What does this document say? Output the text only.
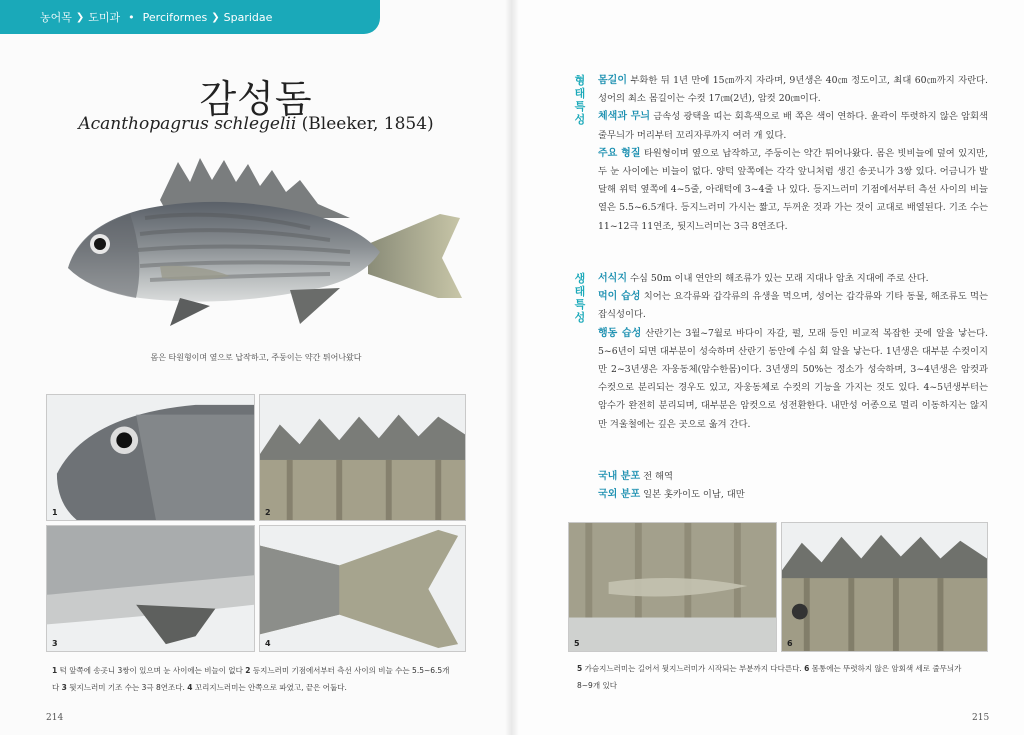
농어목 ❯ 도미과 • Perciformes ❯ Sparidae
감성돔
Acanthopagrus schlegelii (Bleeker, 1854)
몸은 타원형이며 옆으로 납작하고, 주둥이는 약간 튀어나왔다
1	2
3	4
1 턱 앞쪽에 송곳니 3쌍이 있으며 눈 사이에는 비늘이 없다 2 등지느러미 기점에서부터 측선 사이의 비늘 수는 5.5~6.5개
다 3 뒷지느러미 기조 수는 3극 8연조다. 4 꼬리지느러미는 안쪽으로 파였고, 끝은 어둡다.
214
형태특성

몸길이 부화한 뒤 1년 만에 15㎝까지 자라며, 9년생은 40㎝ 정도이고, 최대 60㎝까지 자란다. 성어의 최소 몸길이는 수컷 17㎝(2년), 암컷 20㎝이다.

체색과 무늬 금속성 광택을 띠는 회흑색으로 배 쪽은 색이 연하다. 윤곽이 뚜렷하지 않은 암회색 줄무늬가 머리부터 꼬리자루까지 여러 개 있다.

주요 형질 타원형이며 옆으로 납작하고, 주둥이는 약간 튀어나왔다. 몸은 빗비늘에 덮여 있지만, 두 눈 사이에는 비늘이 없다. 양턱 앞쪽에는 각각 앞니처럼 생긴 송곳니가 3쌍 있다. 어금니가 발달해 위턱 옆쪽에 4~5줄, 아래턱에 3~4줄 나 있다. 등지느러미 기점에서부터 측선 사이의 비늘열은 5.5~6.5개다. 등지느러미 가시는 짧고, 두꺼운 것과 가는 것이 교대로 배열된다. 기조 수는 11~12극 11연조, 뒷지느러미는 3극 8연조다.

생태특성

서식지 수심 50m 이내 연안의 해조류가 있는 모래 지대나 암초 지대에 주로 산다.

먹이 습성 치어는 요각류와 갑각류의 유생을 먹으며, 성어는 갑각류와 기타 동물, 해조류도 먹는 잡식성이다.

행동 습성 산란기는 3월~7월로 바다이 자갈, 펄, 모래 등인 비교적 복잡한 곳에 알을 낳는다. 5~6년이 되면 대부분이 성숙하며 산란기 동안에 수십 회 알을 낳는다. 1년생은 대부분 수컷이지만 2~3년생은 자웅동체(암수한몸)이다. 3년생의 50%는 정소가 성숙하며, 3~4년생은 암컷과 수컷으로 분리되는 경우도 있고, 자웅동체로 수컷의 기능을 가지는 것도 있다. 4~5년생부터는 암수가 완전히 분리되며, 대부분은 암컷으로 성전환한다. 내만성 어종으로 멀리 이동하지는 않지만 겨울철에는 깊은 곳으로 옮겨 간다.

국내 분포 전 해역

국외 분포 일본 홋카이도 이남, 대만

5	6
5 가슴지느러미는 길어서 뒷지느러미가 시작되는 부분까지 다다른다. 6 몸통에는 뚜렷하지 않은 암회색 세로 줄무늬가
8~9개 있다
215
